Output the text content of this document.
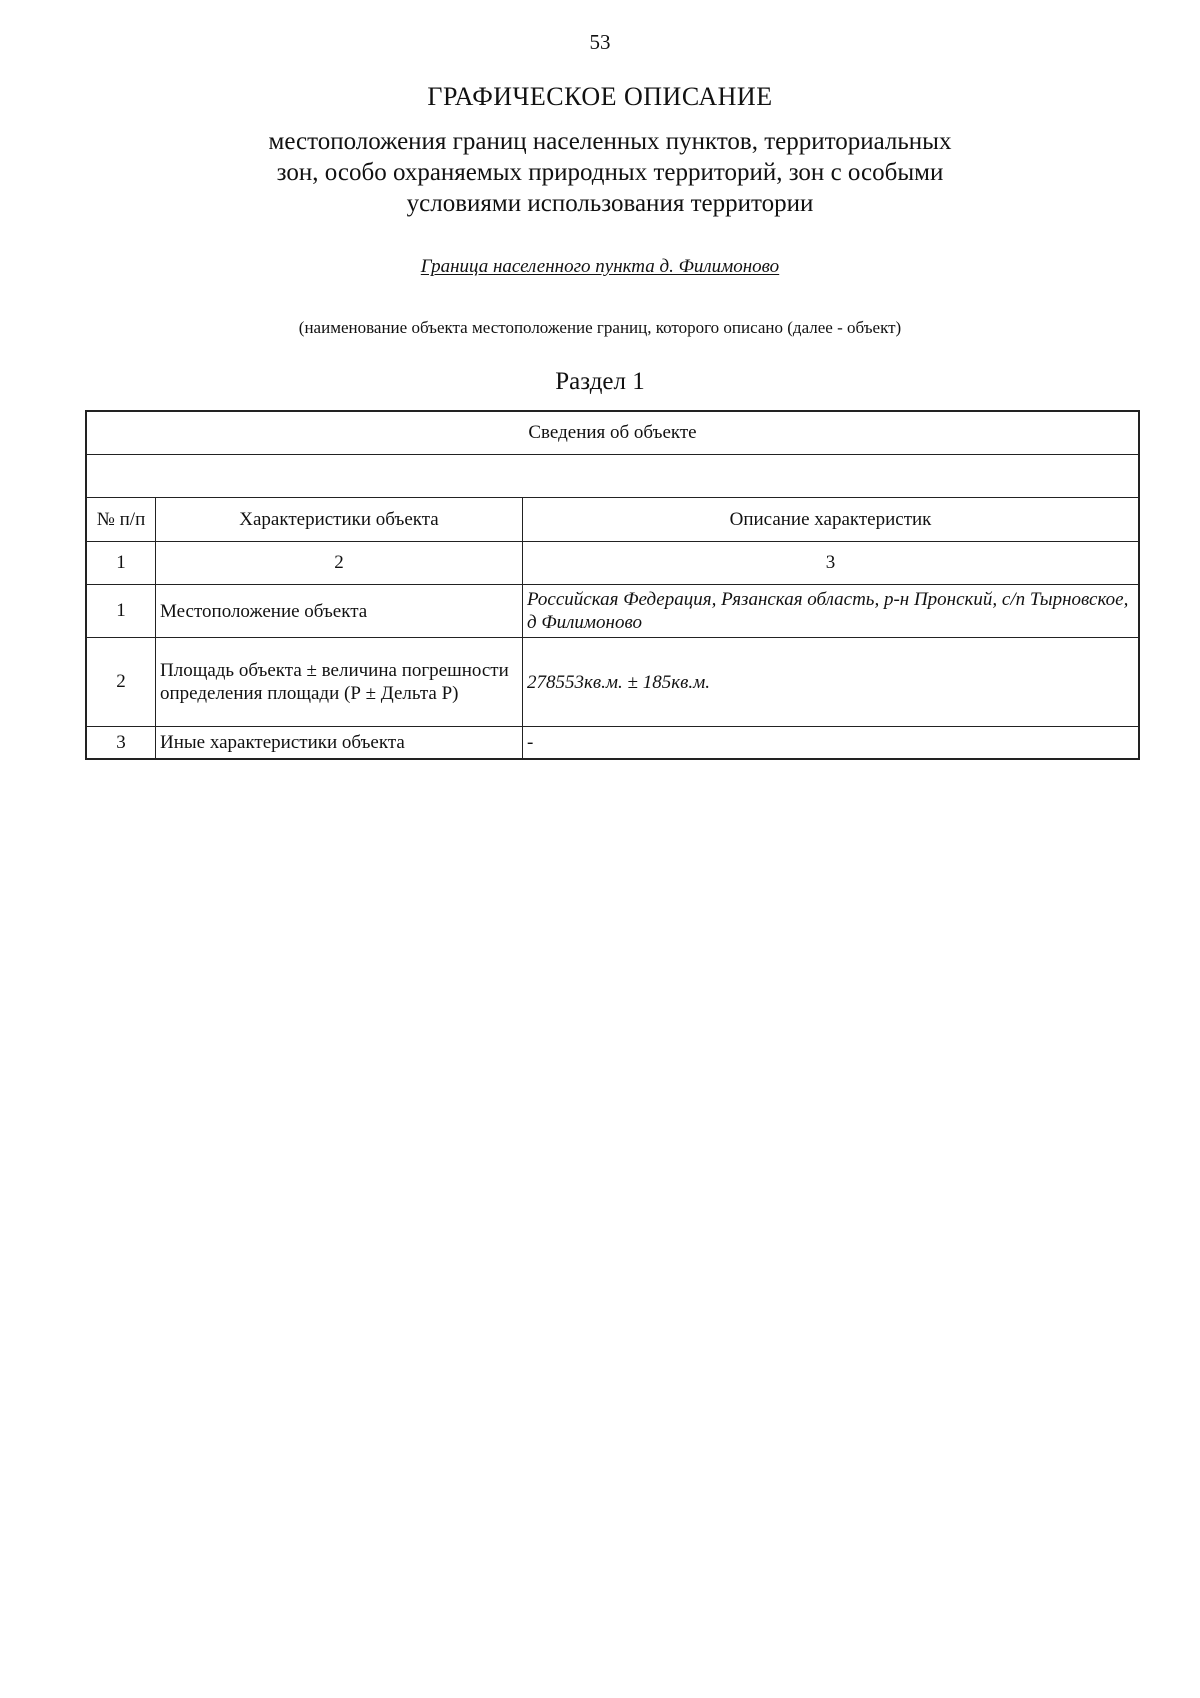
53
ГРАФИЧЕСКОЕ ОПИСАНИЕ
местоположения границ населенных пунктов, территориальных
зон, особо охраняемых природных территорий, зон с особыми
условиями использования территории
Граница населенного пункта д. Филимоново
(наименование объекта местоположение границ, которого описано (далее - объект)
Раздел 1
Сведения об объекте		

№ п/п	Характеристики объекта	Описание характеристик
1	2	3
1	Местоположение объекта	Российская Федерация, Рязанская область, р-н Пронский, с/п Тырновское, д Филимоново
2	Площадь объекта ± величина погрешности определения площади (Р ± Дельта Р)	278553кв.м. ± 185кв.м.
3	Иные характеристики объекта	-
